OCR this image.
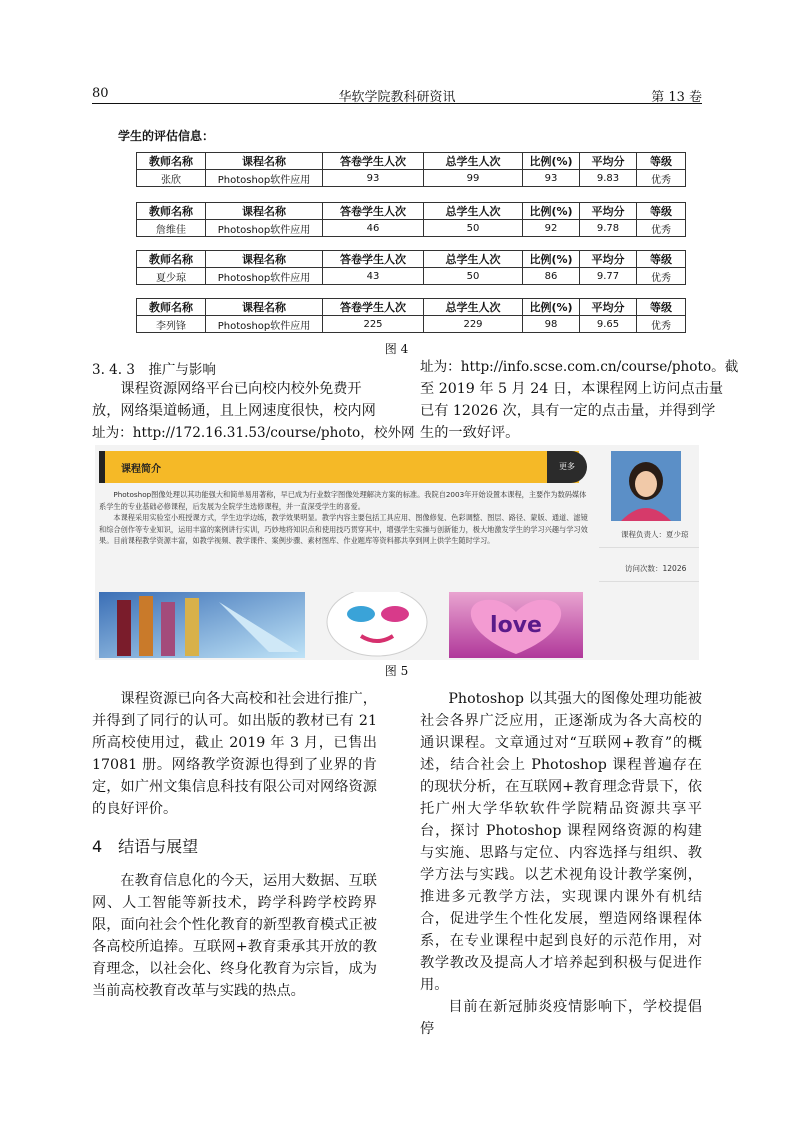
80	华软学院教科研资讯	第 13 卷
学生的评估信息：
教师名称	课程名称	答卷学生人次	总学生人次	比例(%)	平均分	等级
张欣	Photoshop软件应用	93	99	93	9.83	优秀
教师名称	课程名称	答卷学生人次	总学生人次	比例(%)	平均分	等级
詹维佳	Photoshop软件应用	46	50	92	9.78	优秀
教师名称	课程名称	答卷学生人次	总学生人次	比例(%)	平均分	等级
夏少琼	Photoshop软件应用	43	50	86	9.77	优秀
教师名称	课程名称	答卷学生人次	总学生人次	比例(%)	平均分	等级
李列锋	Photoshop软件应用	225	229	98	9.65	优秀
图 4
3. 4. 3　推广与影响

课程资源网络平台已向校内校外免费开

放，网络渠道畅通，且上网速度很快，校内网

址为：http://172.16.31.53/course/photo，校外网

址为：http://info.scse.com.cn/course/photo。截

至 2019 年 5 月 24 日，本课程网上访问点击量

已有 12026 次，具有一定的点击量，并得到学

生的一致好评。

课程简介	更多

Photoshop图像处理以其功能强大和简单易用著称，早已成为行业数字图像处理解决方案的标准。我院自2003年开始设置本课程，主要作为数码媒体系学生的专业基础必修课程，后发展为全院学生选修课程，并一直深受学生的喜爱。

本课程采用实验室小班授课方式，学生边学边练，教学效果明显。教学内容主要包括工具应用、图像修复、色彩调整、图层、路径、蒙版、通道、滤镜和综合创作等专业知识，运用丰富的案例讲行实训，巧妙地将知识点和使用技巧贯穿其中，增强学生实操与创新能力，极大地激发学生的学习兴趣与学习效果。目前课程教学资源丰富，如教学视频、教学课件、案例步骤、素材图库、作业题库等资料都共享到网上供学生随时学习。

课程负责人：夏少琼
访问次数：12026
love
图 5

课程资源已向各大高校和社会进行推广，并得到了同行的认可。如出版的教材已有 21 所高校使用过，截止 2019 年 3 月，已售出 17081 册。网络教学资源也得到了业界的肯定，如广州文集信息科技有限公司对网络资源的良好评价。

4　结语与展望

在教育信息化的今天，运用大数据、互联网、人工智能等新技术，跨学科跨学校跨界限，面向社会个性化教育的新型教育模式正被各高校所追捧。互联网+教育秉承其开放的教育理念，以社会化、终身化教育为宗旨，成为当前高校教育改革与实践的热点。

Photoshop 以其强大的图像处理功能被社会各界广泛应用，正逐渐成为各大高校的通识课程。文章通过对“互联网+教育”的概述，结合社会上 Photoshop 课程普遍存在的现状分析，在互联网+教育理念背景下，依托广州大学华软软件学院精品资源共享平台，探讨 Photoshop 课程网络资源的构建与实施、思路与定位、内容选择与组织、教学方法与实践。以艺术视角设计教学案例，推进多元教学方法，实现课内课外有机结合，促进学生个性化发展，塑造网络课程体系，在专业课程中起到良好的示范作用，对教学教改及提高人才培养起到积极与促进作用。

目前在新冠肺炎疫情影响下，学校提倡停
